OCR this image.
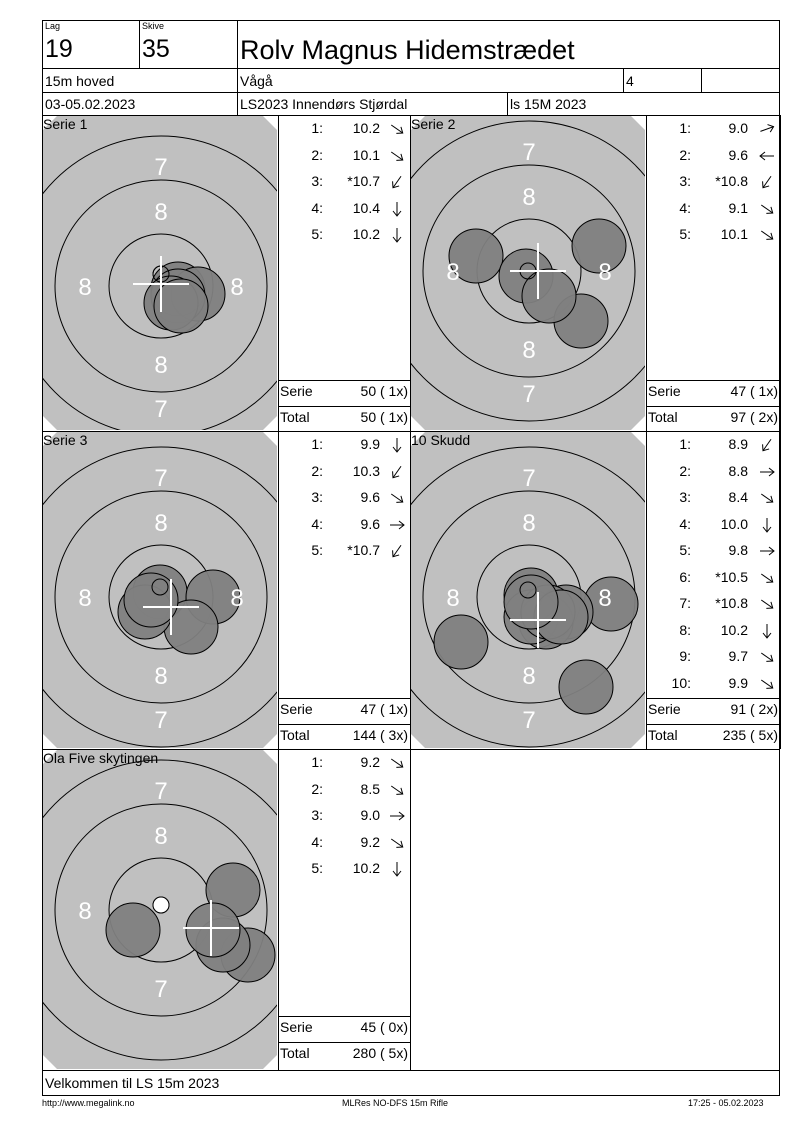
Lag
19
Skive
35	Rolv Magnus Hidemstrædet
15m hoved	Vågå	4
03-05.02.2023	LS2023 Innendørs Stjørdal	ls 15M 2023
7
8
8	8
8
7
Serie 1	1:	10.2
2:	10.1
3:	*10.7
4:	10.4
5:	10.2
Serie	50 ( 1x)
Total	50 ( 1x)
7
8
8	8
8
7
Serie 2	1:	9.0
2:	9.6
3:	*10.8
4:	9.1
5:	10.1
Serie	47 ( 1x)
Total	97 ( 2x)
7
8
8	8
8
7
Serie 3	1:	9.9
2:	10.3
3:	9.6
4:	9.6
5:	*10.7
Serie	47 ( 1x)
Total	144 ( 3x)
7
8
8	8
8
7
10 Skudd	1:	8.9
2:	8.8
3:	8.4
4:	10.0
5:	9.8
6:	*10.5
7:	*10.8
8:	10.2
9:	9.7
10:	9.9
Serie	91 ( 2x)
Total	235 ( 5x)
7
8
8
7
Ola Five skytingen	1:	9.2
2:	8.5
3:	9.0
4:	9.2
5:	10.2
Serie	45 ( 0x)
Total	280 ( 5x)
Velkommen til LS 15m 2023
http://www.megalink.no	MLRes NO-DFS 15m Rifle	17:25 - 05.02.2023
